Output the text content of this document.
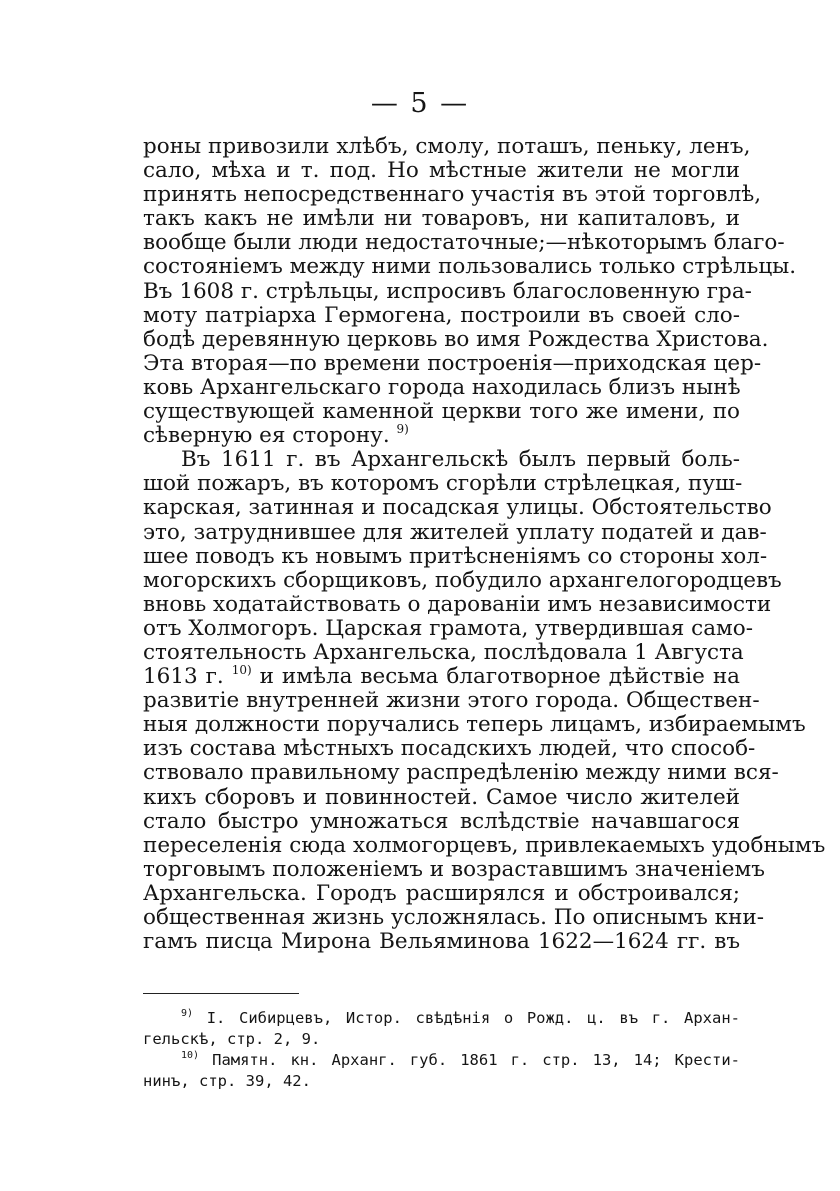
— 5 —
роны привозили хлѣбъ, смолу, поташъ, пеньку, ленъ,
сало, мѣха и т. под. Но мѣстные жители не могли
принять непосредственнаго участія въ этой торговлѣ,
такъ какъ не имѣли ни товаровъ, ни капиталовъ, и
вообще были люди недостаточные;—нѣкоторымъ благо-
состояніемъ между ними пользовались только стрѣльцы.
Въ 1608 г. стрѣльцы, испросивъ благословенную гра-
моту патріарха Гермогена, построили въ своей сло-
бодѣ деревянную церковь во имя Рождества Христова.
Эта вторая—по времени построенія—приходская цер-
ковь Архангельскаго города находилась близъ нынѣ
существующей каменной церкви того же имени, по
сѣверную ея сторону. $^{9)}$
Въ 1611 г. въ Архангельскѣ былъ первый боль-
шой пожаръ, въ которомъ сгорѣли стрѣлецкая, пуш-
карская, затинная и посадская улицы. Обстоятельство
это, затруднившее для жителей уплату податей и дав-
шее поводъ къ новымъ притѣсненіямъ со стороны хол-
могорскихъ сборщиковъ, побудило архангелогородцевъ
вновь ходатайствовать о дарованіи имъ независимости
отъ Холмогоръ. Царская грамота, утвердившая само-
стоятельность Архангельска, послѣдовала 1 Августа
1613 г. $^{10)}$ и имѣла весьма благотворное дѣйствіе на
развитіе внутренней жизни этого города. Обществен-
ныя должности поручались теперь лицамъ, избираемымъ
изъ состава мѣстныхъ посадскихъ людей, что способ-
ствовало правильному распредѣленію между ними вся-
кихъ сборовъ и повинностей. Самое число жителей
стало быстро умножаться вслѣдствіе начавшагося
переселенія сюда холмогорцевъ, привлекаемыхъ удобнымъ
торговымъ положеніемъ и возраставшимъ значеніемъ
Архангельска. Городъ расширялся и обстроивался;
общественная жизнь усложнялась. По описнымъ кни-
гамъ писца Мирона Вельяминова 1622—1624 гг. въ
$^{9)}$ I. Сибирцевъ, Истор. свѣдѣнія о Рожд. ц. въ г. Архан-
гельскѣ, стр. 2, 9.
$^{10)}$ Памятн. кн. Арханг. губ. 1861 г. стр. 13, 14; Крести-
нинъ, стр. 39, 42.
